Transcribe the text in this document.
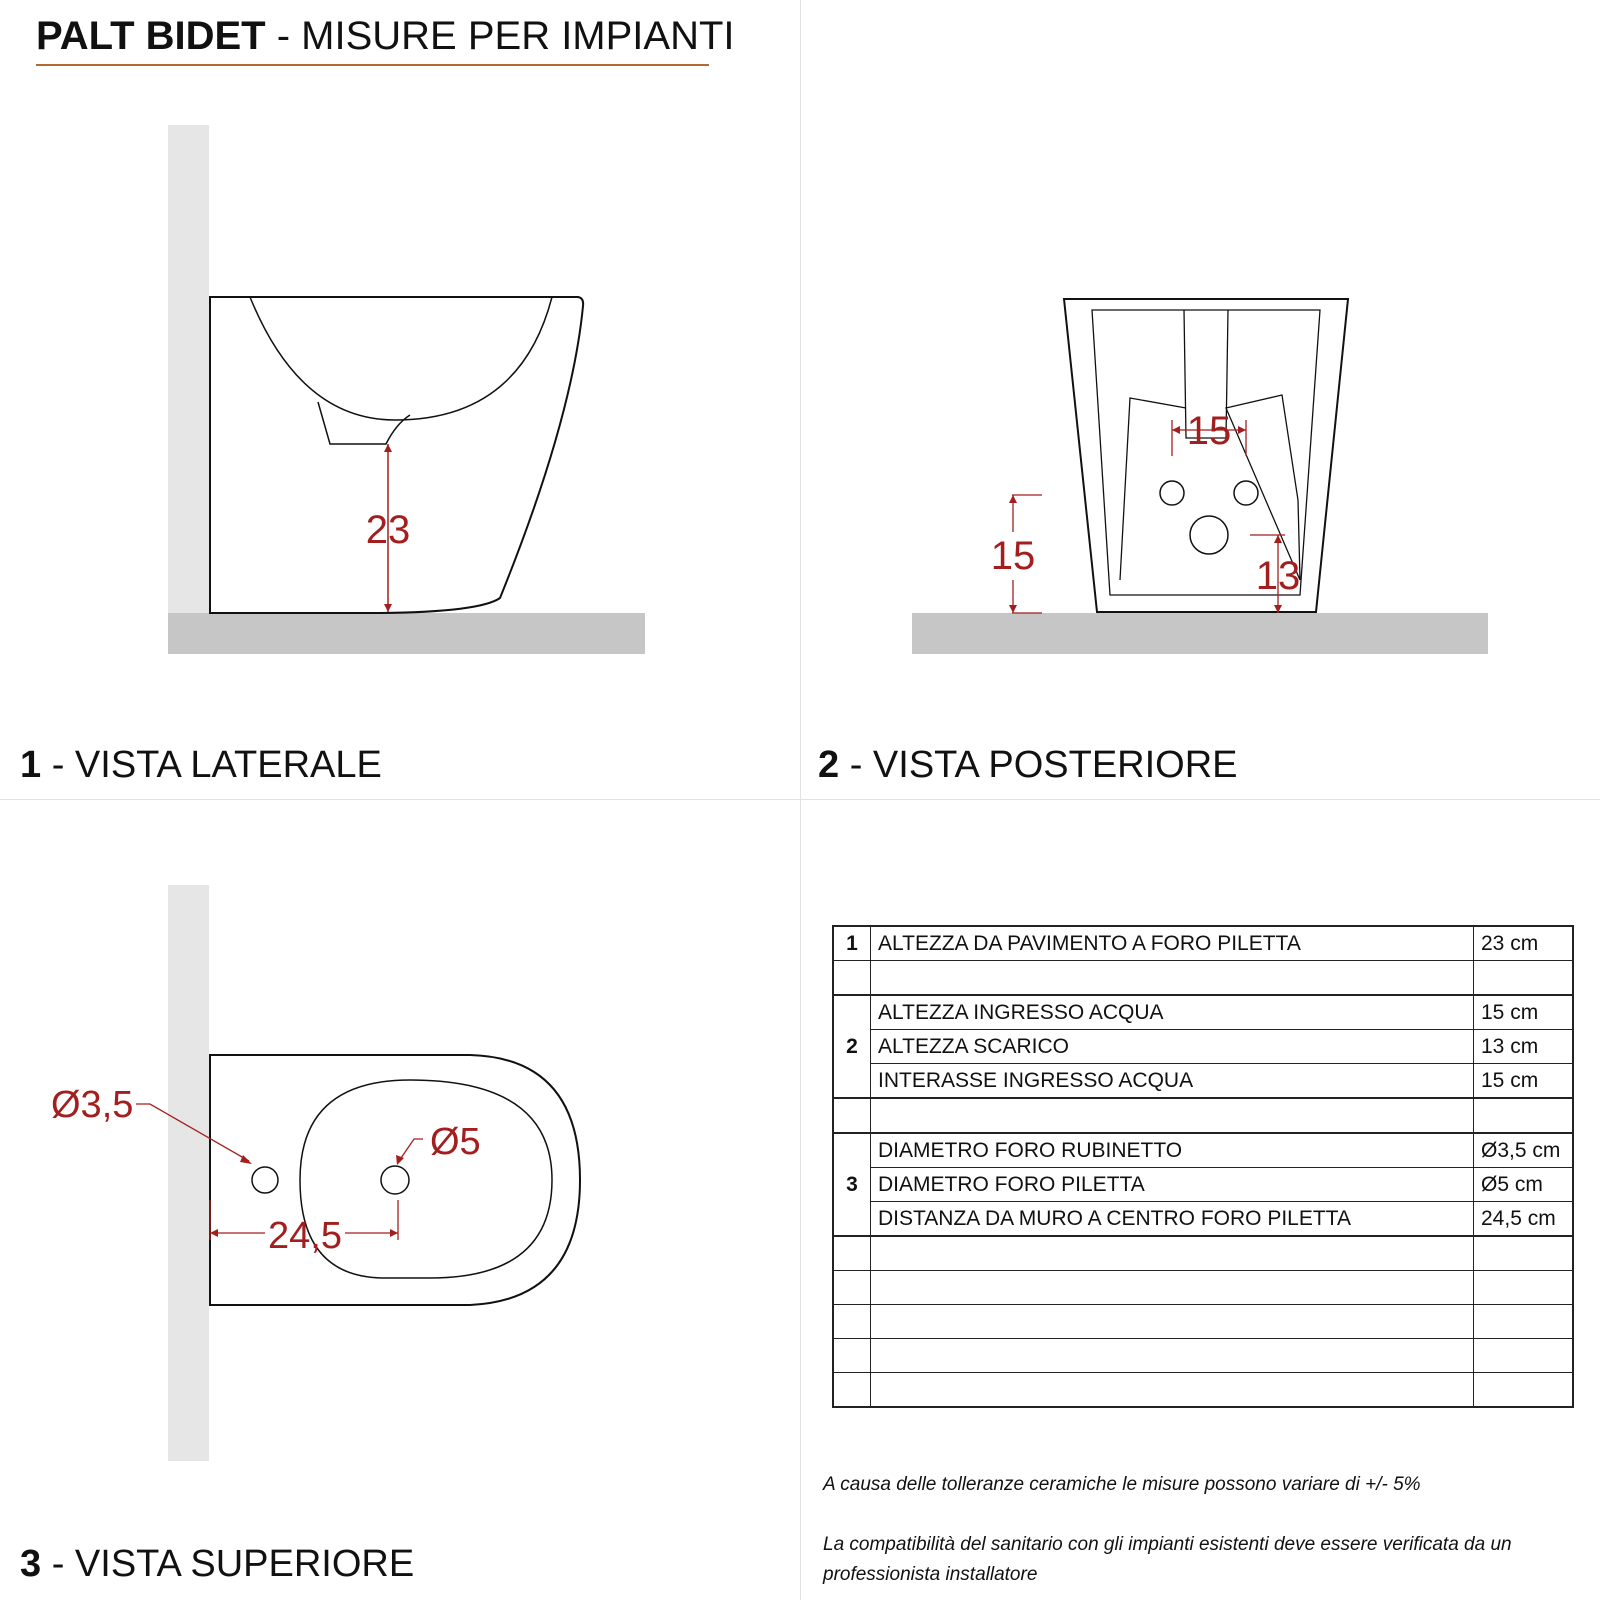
PALT BIDET - MISURE PER IMPIANTI
23
15
15	13
Ø3,5
Ø5
24,5
1 - VISTA LATERALE	2 - VISTA POSTERIORE
3 - VISTA SUPERIORE
1	ALTEZZA DA PAVIMENTO A FORO PILETTA	23 cm

2	ALTEZZA INGRESSO ACQUA	15 cm
	ALTEZZA SCARICO	13 cm
	INTERASSE INGRESSO ACQUA	15 cm

3	DIAMETRO FORO RUBINETTO	Ø3,5 cm
	DIAMETRO FORO PILETTA	Ø5 cm
	DISTANZA DA MURO A CENTRO FORO PILETTA	24,5 cm

A causa delle tolleranze ceramiche le misure possono variare di +/- 5%
La compatibilità del sanitario con gli impianti esistenti deve essere verificata da un professionista installatore
